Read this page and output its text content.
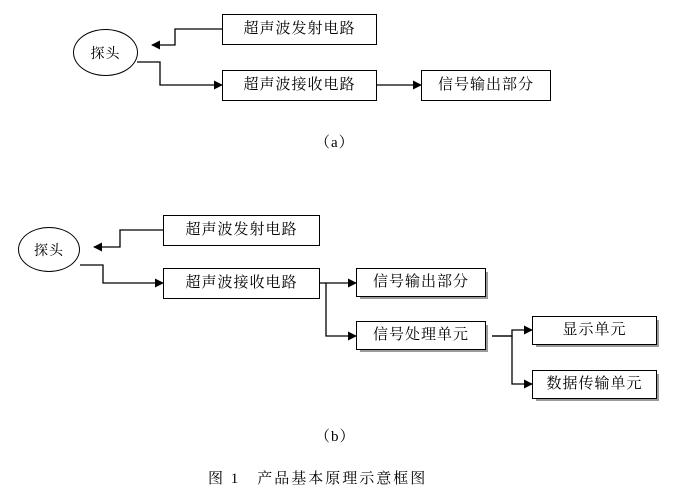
探头
超声波发射电路
超声波接收电路	信号输出部分
（a）
探头
超声波发射电路
超声波接收电路	信号输出部分
信号处理单元	显示单元
数据传输单元
（b）
图 1　产品基本原理示意框图
